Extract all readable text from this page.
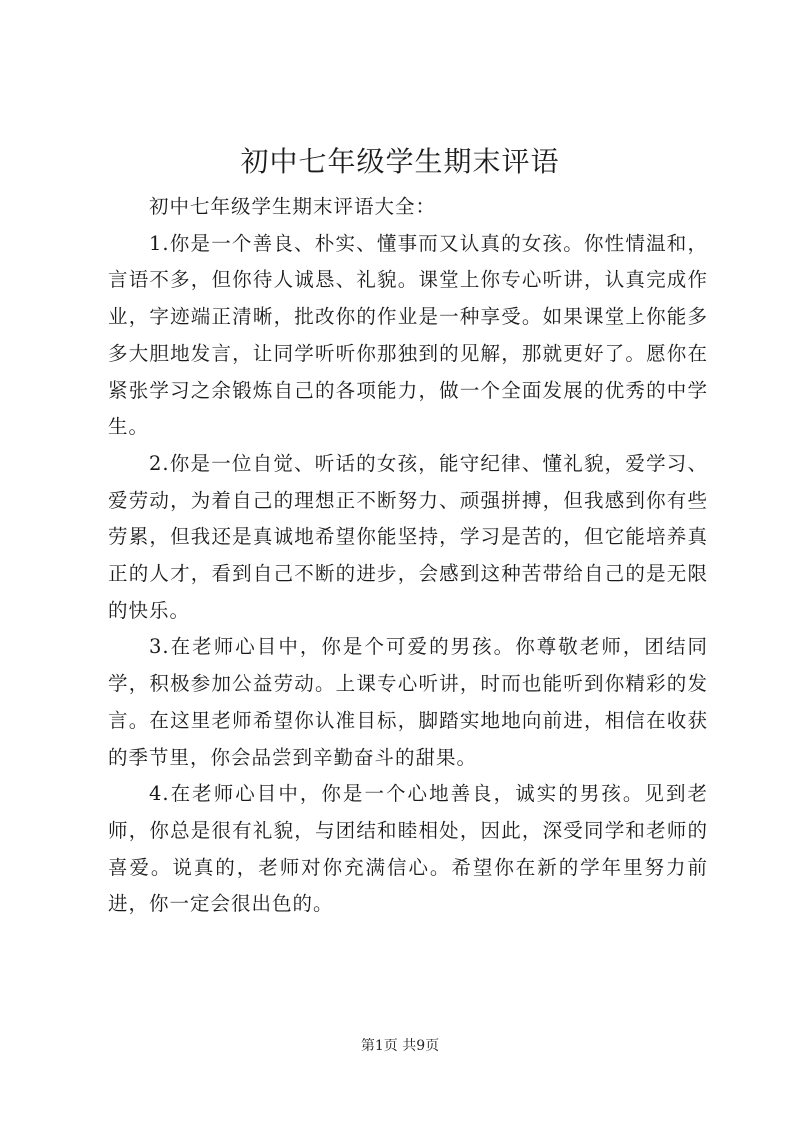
初中七年级学生期末评语

初中七年级学生期末评语大全：

1.你是一个善良、朴实、懂事而又认真的女孩。你性情温和，言语不多，但你待人诚恳、礼貌。课堂上你专心听讲，认真完成作业，字迹端正清晰，批改你的作业是一种享受。如果课堂上你能多多大胆地发言，让同学听听你那独到的见解，那就更好了。愿你在紧张学习之余锻炼自己的各项能力，做一个全面发展的优秀的中学生。

2.你是一位自觉、听话的女孩，能守纪律、懂礼貌，爱学习、爱劳动，为着自己的理想正不断努力、顽强拼搏，但我感到你有些劳累，但我还是真诚地希望你能坚持，学习是苦的，但它能培养真正的人才，看到自己不断的进步，会感到这种苦带给自己的是无限的快乐。

3.在老师心目中，你是个可爱的男孩。你尊敬老师，团结同学，积极参加公益劳动。上课专心听讲，时而也能听到你精彩的发言。在这里老师希望你认准目标，脚踏实地地向前进，相信在收获的季节里，你会品尝到辛勤奋斗的甜果。

4.在老师心目中，你是一个心地善良，诚实的男孩。见到老师，你总是很有礼貌，与团结和睦相处，因此，深受同学和老师的喜爱。说真的，老师对你充满信心。希望你在新的学年里努力前进，你一定会很出色的。

第1页 共9页
